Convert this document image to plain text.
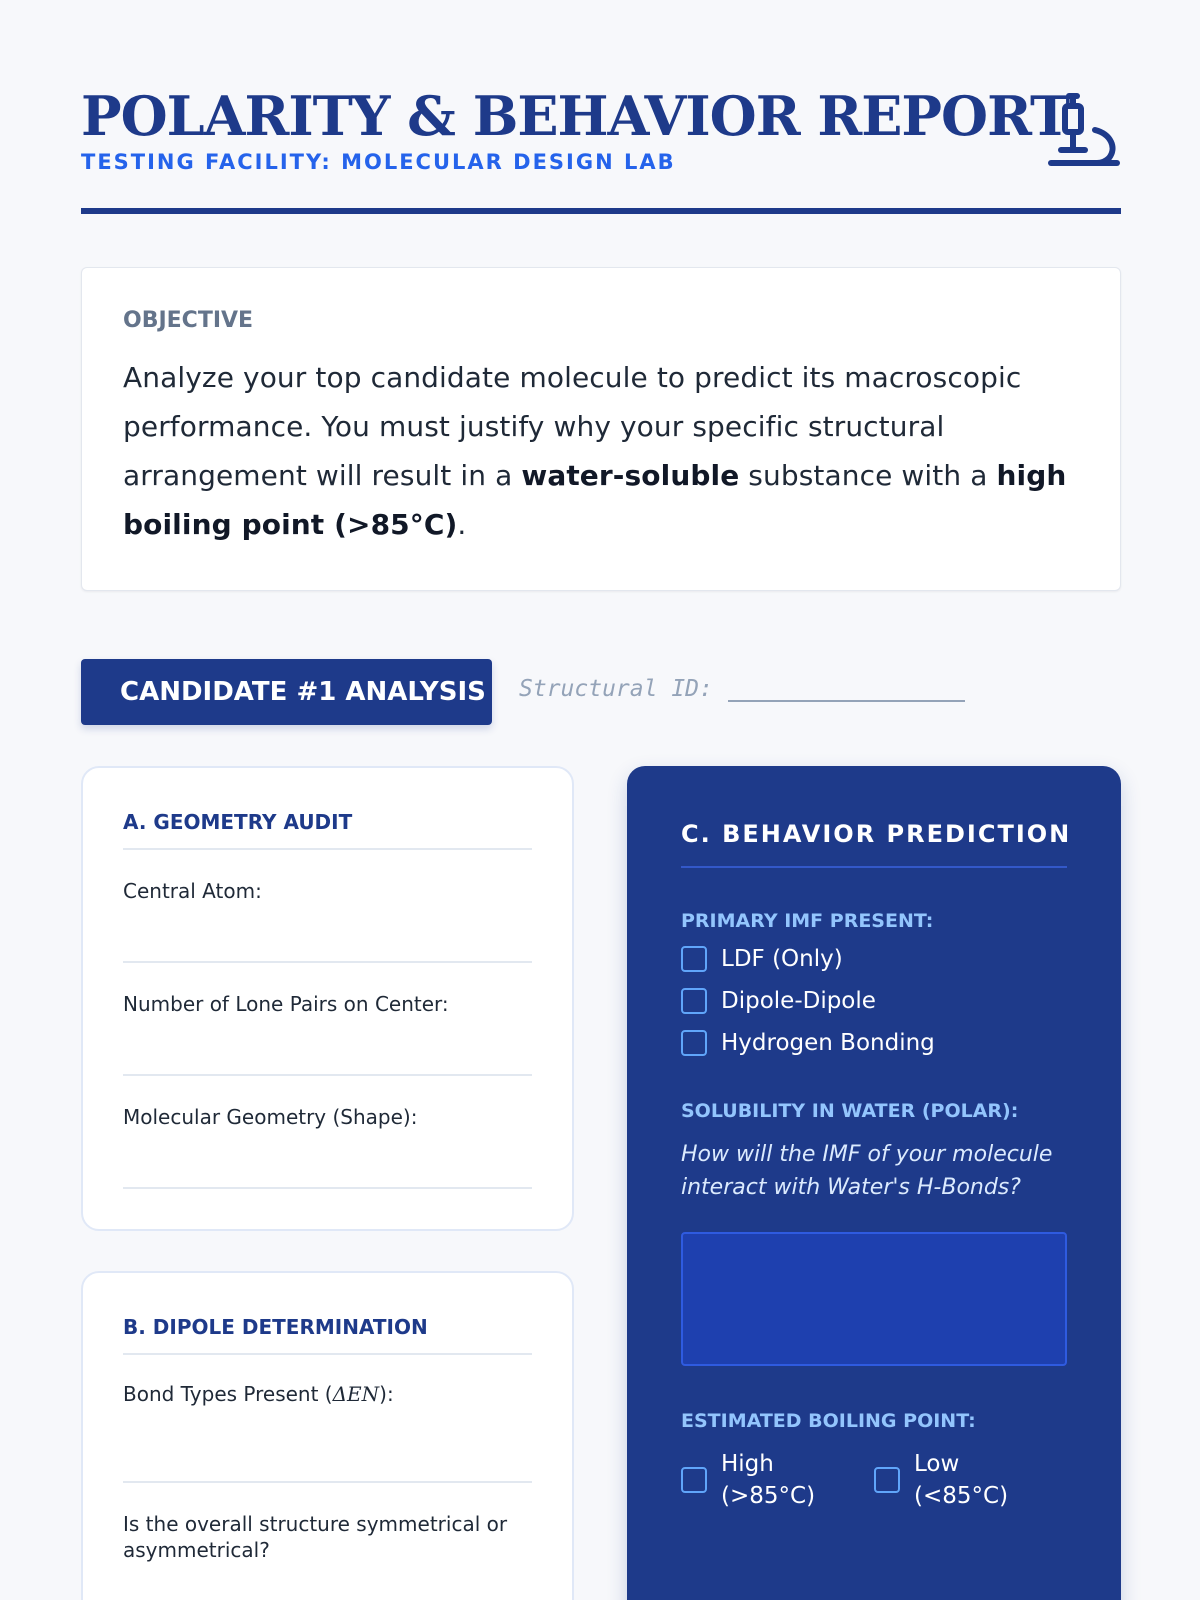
POLARITY & BEHAVIOR REPORT
TESTING FACILITY: MOLECULAR DESIGN LAB
OBJECTIVE
Analyze your top candidate molecule to predict its macroscopic performance. You must justify why your specific structural arrangement will result in a water-soluble substance with a high boiling point (>85°C).
CANDIDATE #1 ANALYSIS Structural ID:
A. GEOMETRY AUDIT
Central Atom:
Number of Lone Pairs on Center:
Molecular Geometry (Shape):
B. DIPOLE DETERMINATION
Bond Types Present (ΔEN):
Is the overall structure symmetrical or asymmetrical?
C. BEHAVIOR PREDICTION
PRIMARY IMF PRESENT:
LDF (Only)
Dipole-Dipole
Hydrogen Bonding
SOLUBILITY IN WATER (POLAR):
How will the IMF of your molecule interact with Water's H-Bonds?
ESTIMATED BOILING POINT:
High
(>85°C)
Low
(<85°C)
